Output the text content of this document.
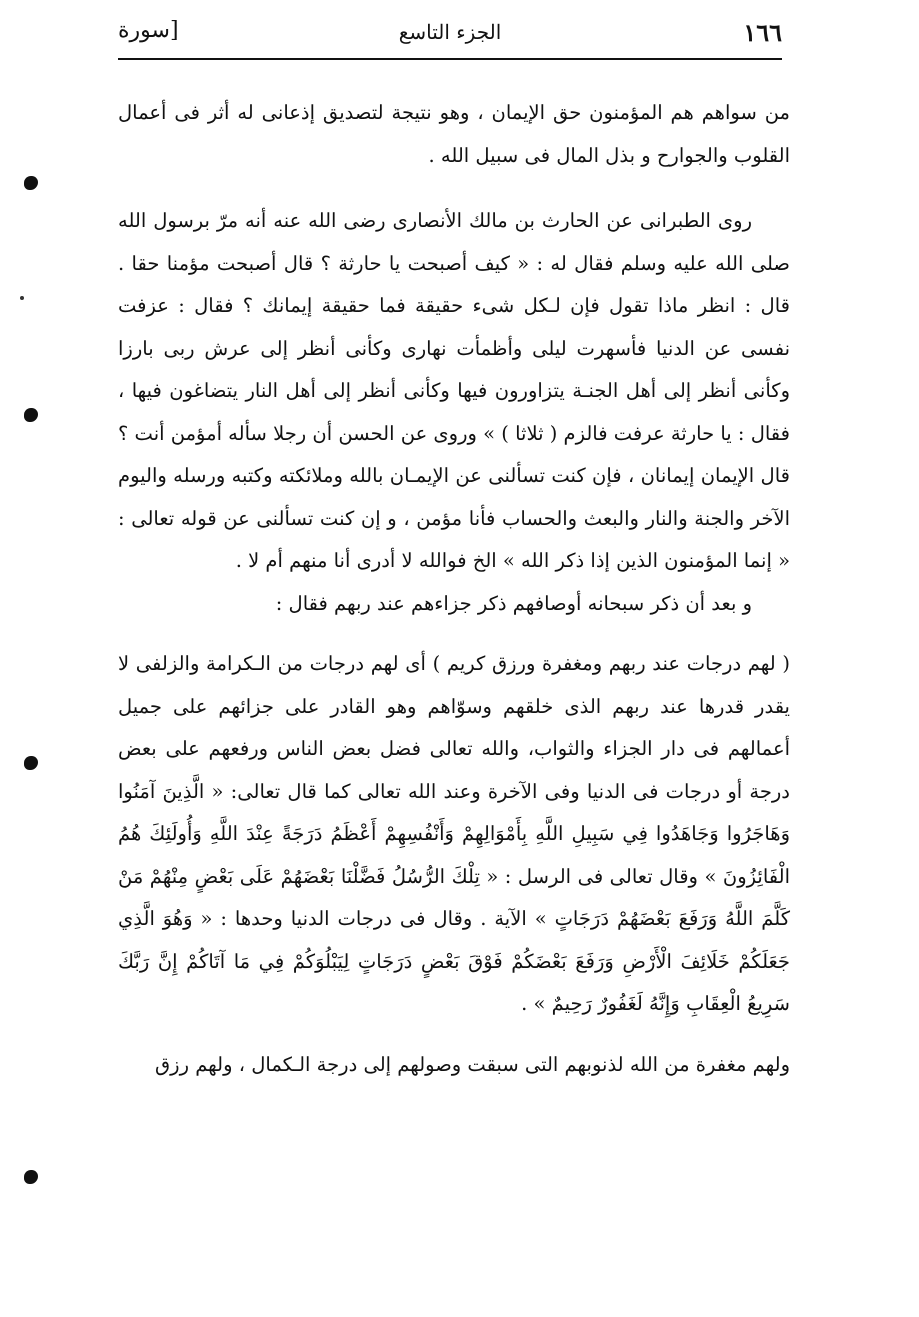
١٦٦
الجزء التاسع
[سورة

من سواهم هم المؤمنون حق الإيمان ، وهو نتيجة لتصديق إذعانى له أثر فى أعمال القلوب والجوارح و بذل المال فى سبيل الله .

روى الطبرانى عن الحارث بن مالك الأنصارى رضى الله عنه أنه مرّ برسول الله صلى الله عليه وسلم فقال له : « كيف أصبحت يا حارثة ؟ قال أصبحت مؤمنا حقا . قال : انظر ماذا تقول فإن لـكل شىء حقيقة فما حقيقة إيمانك ؟ فقال : عزفت نفسى عن الدنيا فأسهرت ليلى وأظمأت نهارى وكأنى أنظر إلى عرش ربى بارزا وكأنى أنظر إلى أهل الجنـة يتزاورون فيها وكأنى أنظر إلى أهل النار يتضاغون فيها ، فقال : يا حارثة عرفت فالزم ( ثلاثا ) » وروى عن الحسن أن رجلا سأله أمؤمن أنت ؟ قال الإيمان إيمانان ، فإن كنت تسألنى عن الإيمـان بالله وملائكته وكتبه ورسله واليوم الآخر والجنة والنار والبعث والحساب فأنا مؤمن ، و إن كنت تسألنى عن قوله تعالى : « إنما المؤمنون الذين إذا ذكر الله » الخ فوالله لا أدرى أنا منهم أم لا .

و بعد أن ذكر سبحانه أوصافهم ذكر جزاءهم عند ربهم فقال :

( لهم درجات عند ربهم ومغفرة ورزق كريم ) أى لهم درجات من الـكرامة والزلفى لا يقدر قدرها عند ربهم الذى خلقهم وسوّاهم وهو القادر على جزائهم على جميل أعمالهم فى دار الجزاء والثواب، والله تعالى فضل بعض الناس ورفعهم على بعض درجة أو درجات فى الدنيا وفى الآخرة وعند الله تعالى كما قال تعالى: « الَّذِينَ آمَنُوا وَهَاجَرُوا وَجَاهَدُوا فِي سَبِيلِ اللَّهِ بِأَمْوَالِهِمْ وَأَنْفُسِهِمْ أَعْظَمُ دَرَجَةً عِنْدَ اللَّهِ وَأُولَئِكَ هُمُ الْفَائِزُونَ » وقال تعالى فى الرسل : « تِلْكَ الرُّسُلُ فَضَّلْنَا بَعْضَهُمْ عَلَى بَعْضٍ مِنْهُمْ مَنْ كَلَّمَ اللَّهُ وَرَفَعَ بَعْضَهُمْ دَرَجَاتٍ » الآية . وقال فى درجات الدنيا وحدها : « وَهُوَ الَّذِي جَعَلَكُمْ خَلَائِفَ الْأَرْضِ وَرَفَعَ بَعْضَكُمْ فَوْقَ بَعْضٍ دَرَجَاتٍ لِيَبْلُوَكُمْ فِي مَا آتَاكُمْ إِنَّ رَبَّكَ سَرِيعُ الْعِقَابِ وَإِنَّهُ لَغَفُورٌ رَحِيمٌ » .

ولهم مغفرة من الله لذنوبهم التى سبقت وصولهم إلى درجة الـكمال ، ولهم رزق
